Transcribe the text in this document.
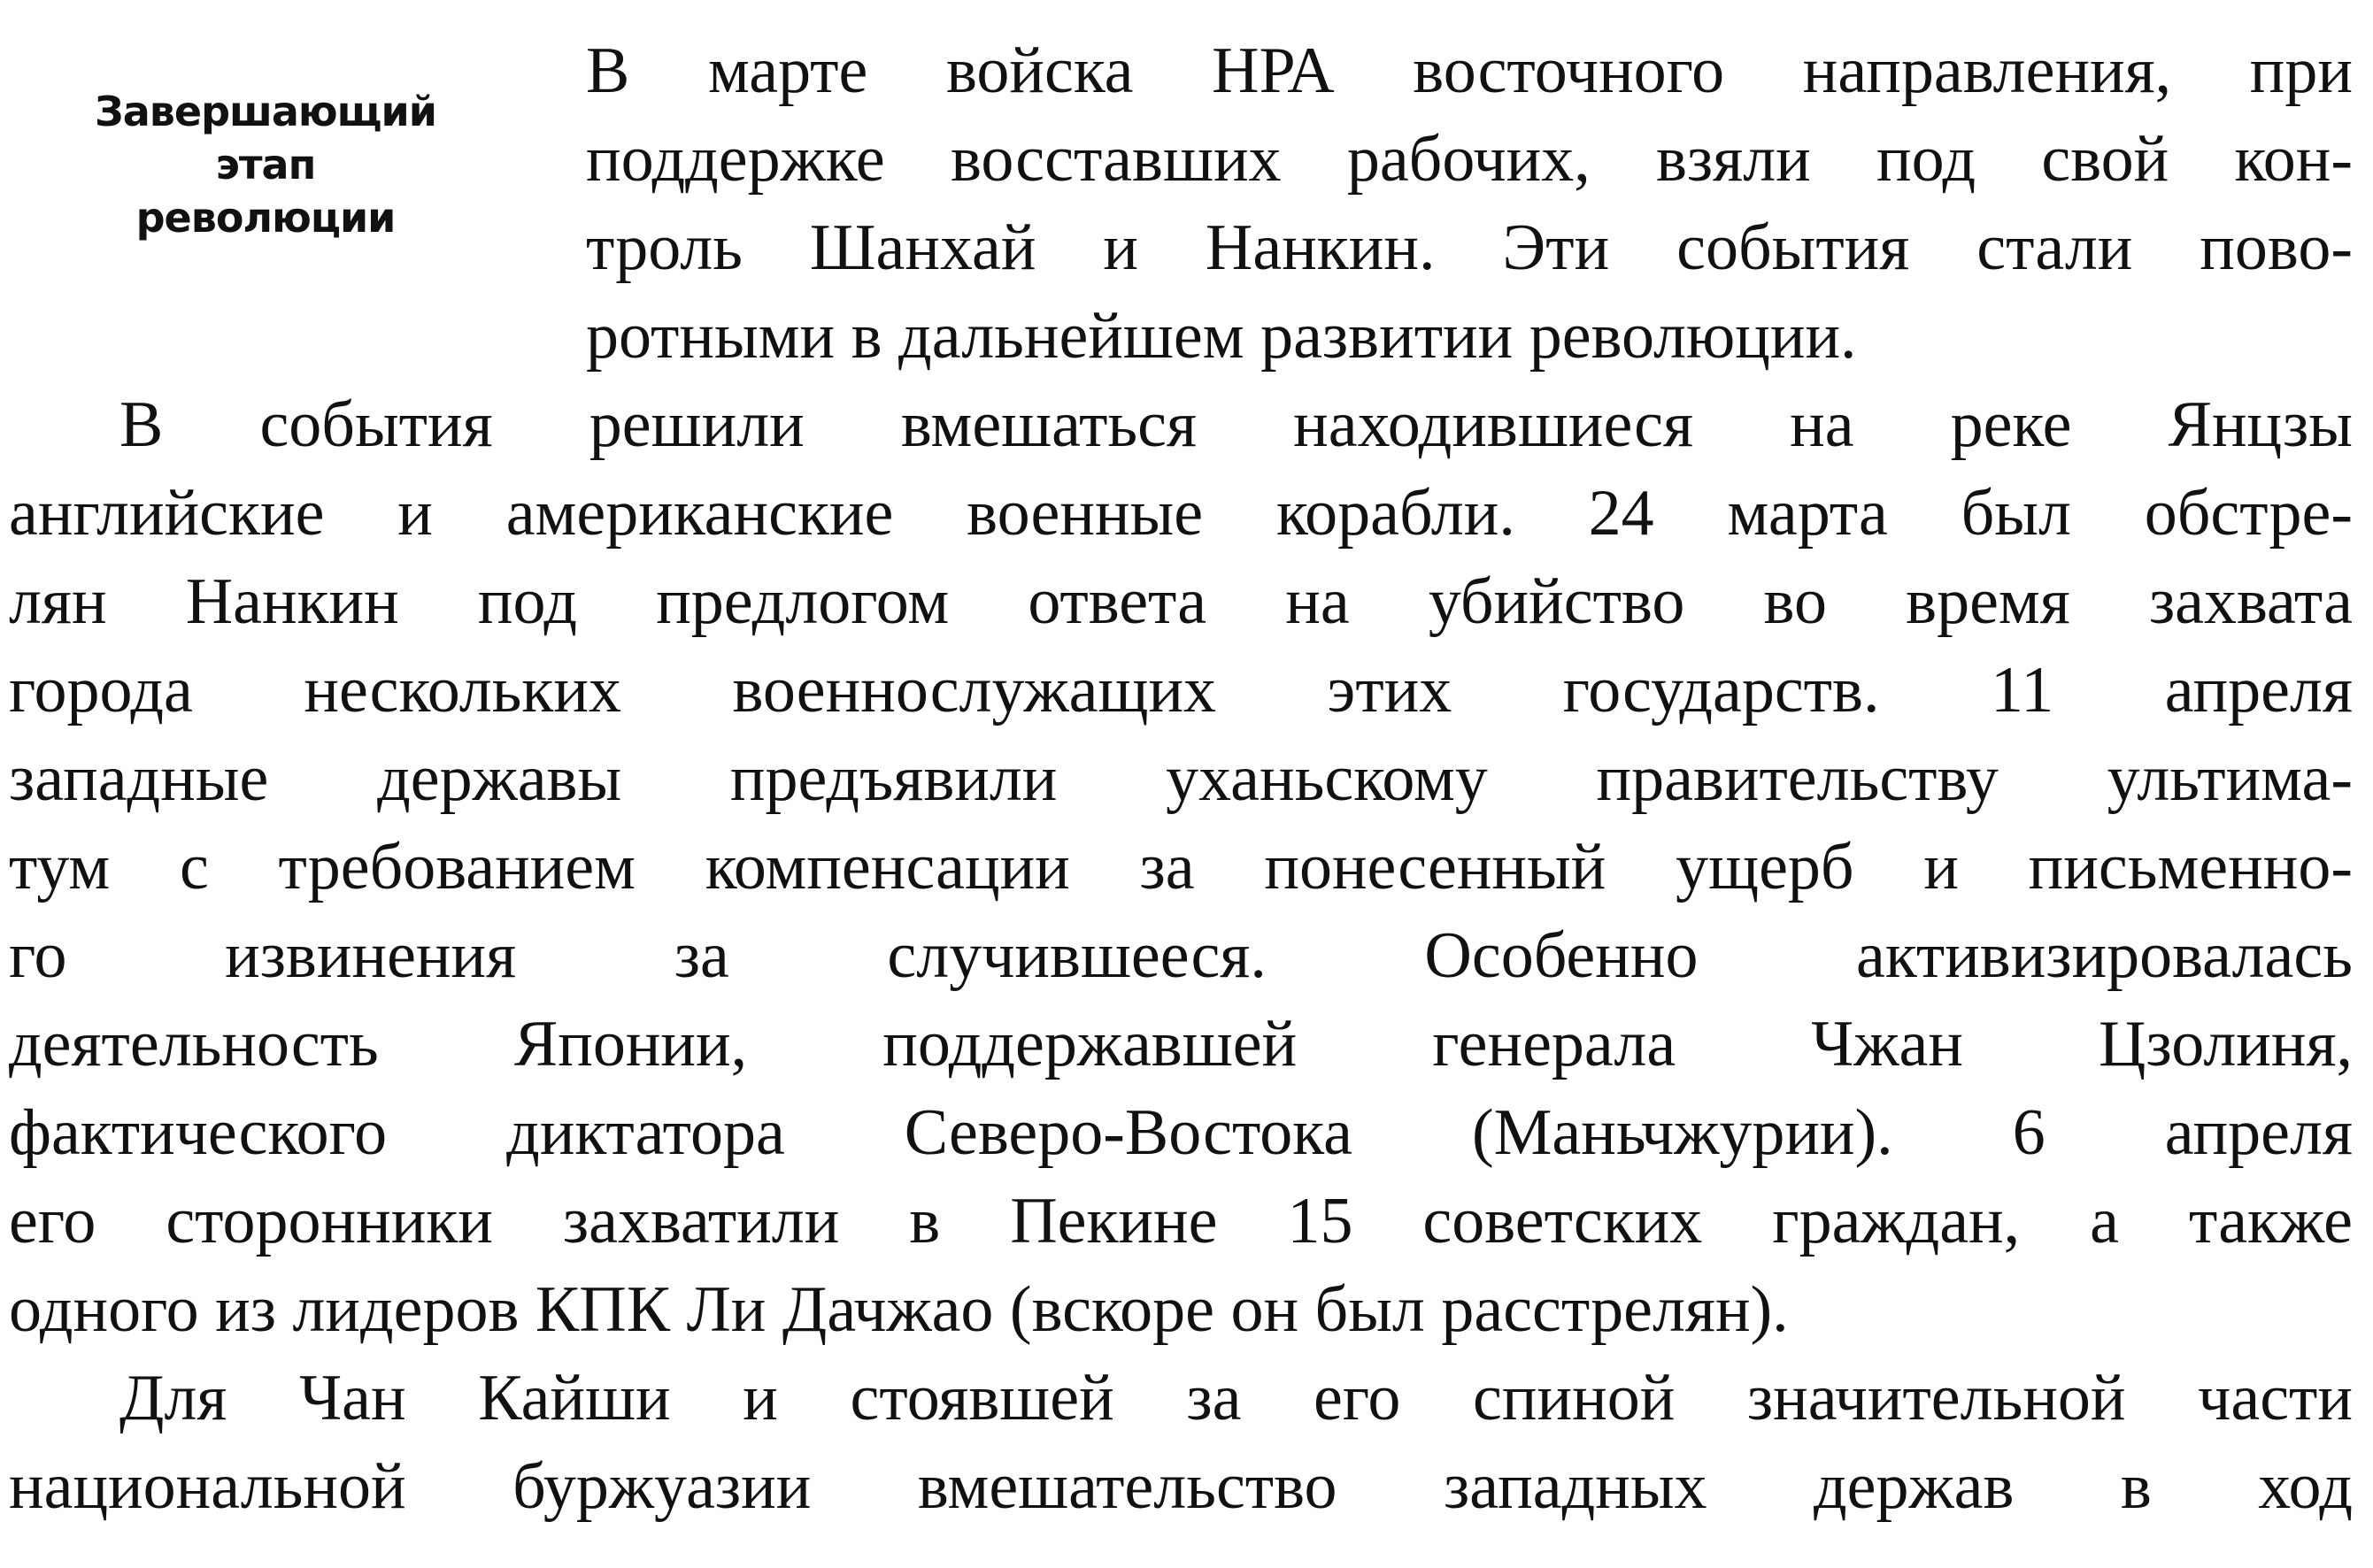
Завершающий
этап
революции
В марте войска НРА восточного направления, при
поддержке восставших рабочих, взяли под свой кон-
троль Шанхай и Нанкин. Эти события стали пово-
ротными в дальнейшем развитии революции.
В события решили вмешаться находившиеся на реке Янцзы
английские и американские военные корабли. 24 марта был обстре-
лян Нанкин под предлогом ответа на убийство во время захвата
города нескольких военнослужащих этих государств. 11 апреля
западные державы предъявили уханьскому правительству ультима-
тум с требованием компенсации за понесенный ущерб и письменно-
го извинения за случившееся. Особенно активизировалась
деятельность Японии, поддержавшей генерала Чжан Цзолиня,
фактического диктатора Северо-Востока (Маньчжурии). 6 апреля
его сторонники захватили в Пекине 15 советских граждан, а также
одного из лидеров КПК Ли Дачжао (вскоре он был расстрелян).
Для Чан Кайши и стоявшей за его спиной значительной части
национальной буржуазии вмешательство западных держав в ход
